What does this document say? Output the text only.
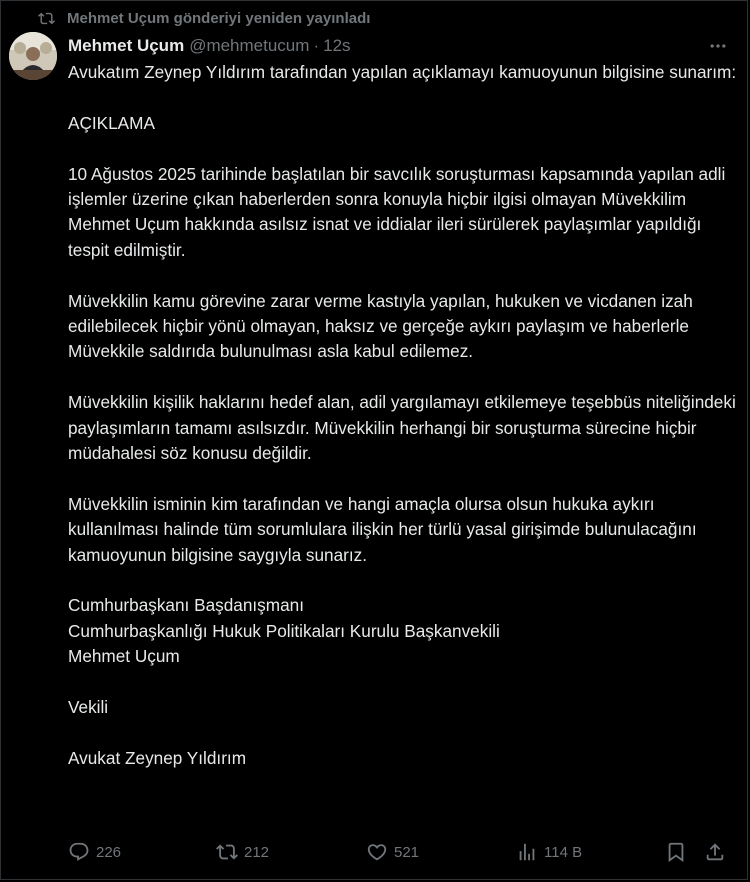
Mehmet Uçum gönderiyi yeniden yayınladı
Mehmet Uçum @mehmetucum · 12s

Avukatım Zeynep Yıldırım tarafından yapılan açıklamayı kamuoyunun bilgisine sunarım:

AÇIKLAMA

10 Ağustos 2025 tarihinde başlatılan bir savcılık soruşturması kapsamında yapılan adli işlemler üzerine çıkan haberlerden sonra konuyla hiçbir ilgisi olmayan Müvekkilim Mehmet Uçum hakkında asılsız isnat ve iddialar ileri sürülerek paylaşımlar yapıldığı tespit edilmiştir.

Müvekkilin kamu görevine zarar verme kastıyla yapılan, hukuken ve vicdanen izah edilebilecek hiçbir yönü olmayan, haksız ve gerçeğe aykırı paylaşım ve haberlerle Müvekkile saldırıda bulunulması asla kabul edilemez.

Müvekkilin kişilik haklarını hedef alan, adil yargılamayı etkilemeye teşebbüs niteliğindeki paylaşımların tamamı asılsızdır. Müvekkilin herhangi bir soruşturma sürecine hiçbir müdahalesi söz konusu değildir.

Müvekkilin isminin kim tarafından ve hangi amaçla olursa olsun hukuka aykırı kullanılması halinde tüm sorumlulara ilişkin her türlü yasal girişimde bulunulacağını kamuoyunun bilgisine saygıyla sunarız.

Cumhurbaşkanı Başdanışmanı

Cumhurbaşkanlığı Hukuk Politikaları Kurulu Başkanvekili

Mehmet Uçum

Vekili

Avukat Zeynep Yıldırım

226	212	521	114 B
